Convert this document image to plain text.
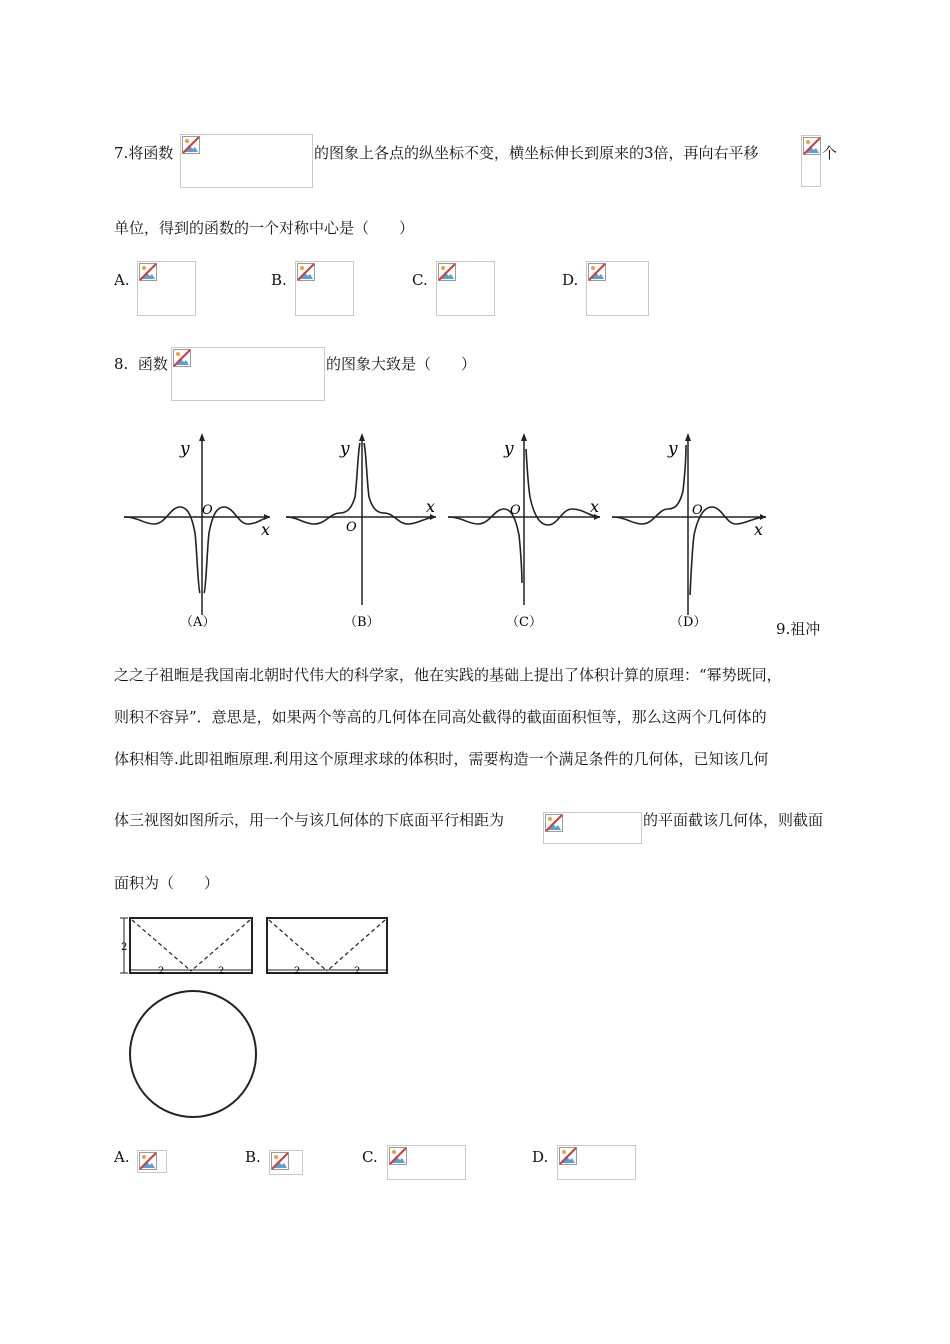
7.将函数	的图象上各点的纵坐标不变，横坐标伸长到原来的3倍，再向右平移	个
单位，得到的函数的一个对称中心是（　　）
A.	B.	C.	D.
8. 函数	的图象大致是（　　）
y
O
x
（A）
y
O
x
（B）
y
O	x
（C）
y
O
x
（D）	9.祖冲
之之子祖暅是我国南北朝时代伟大的科学家，他在实践的基础上提出了体积计算的原理：“幂势既同，
则积不容异”．意思是，如果两个等高的几何体在同高处截得的截面面积恒等，那么这两个几何体的
体积相等.此即祖暅原理.利用这个原理求球的体积时，需要构造一个满足条件的几何体，已知该几何
体三视图如图所示，用一个与该几何体的下底面平行相距为	的平面截该几何体，则截面
面积为（　　）
2
2	2	2	2
A.	B.	C.	D.
